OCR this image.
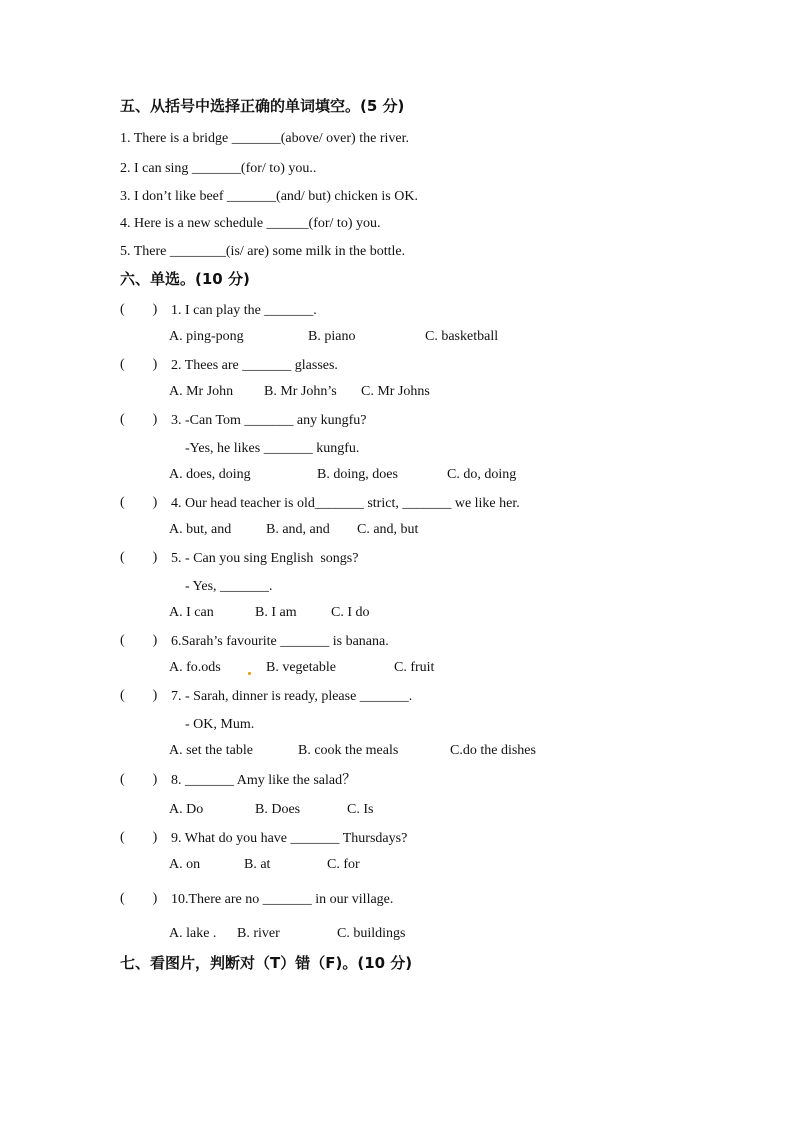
五、从括号中选择正确的单词填空。(5 分)
1. There is a bridge _______(above/ over) the river.
2. I can sing _______(for/ to) you..
3. I don’t like beef _______(and/ but) chicken is OK.
4. Here is a new schedule ______(for/ to) you.
5. There ________(is/ are) some milk in the bottle.
六、单选。(10 分)
(        ) 1. I can play the _______.
A. ping-pong	B. piano	C. basketball
(        ) 2. Thees are _______ glasses.
A. Mr John B. Mr John’s C. Mr Johns
(        ) 3. -Can Tom _______ any kungfu?
-Yes, he likes _______ kungfu.
A. does, doing	B. doing, does	C. do, doing
(        ) 4. Our head teacher is old_______ strict, _______ we like her.
A. but, and B. and, and C. and, but
(        ) 5. - Can you sing English  songs?
- Yes, _______.
A. I can	B. I am C. I do
(        ) 6.Sarah’s favourite _______ is banana.
A. fo.ods	B. vegetable	C. fruit
(        ) 7. - Sarah, dinner is ready, please _______.
- OK, Mum.
A. set the table	B. cook the meals	C.do the dishes
(        ) 8. _______ Amy like the salad？
A. Do	B. Does	C. Is
(        ) 9. What do you have _______ Thursdays?
A. on	B. at	C. for
(        ) 10.There are no _______ in our village.
A. lake . B. river	C. buildings
七、看图片，判断对（T）错（F)。(10 分)
